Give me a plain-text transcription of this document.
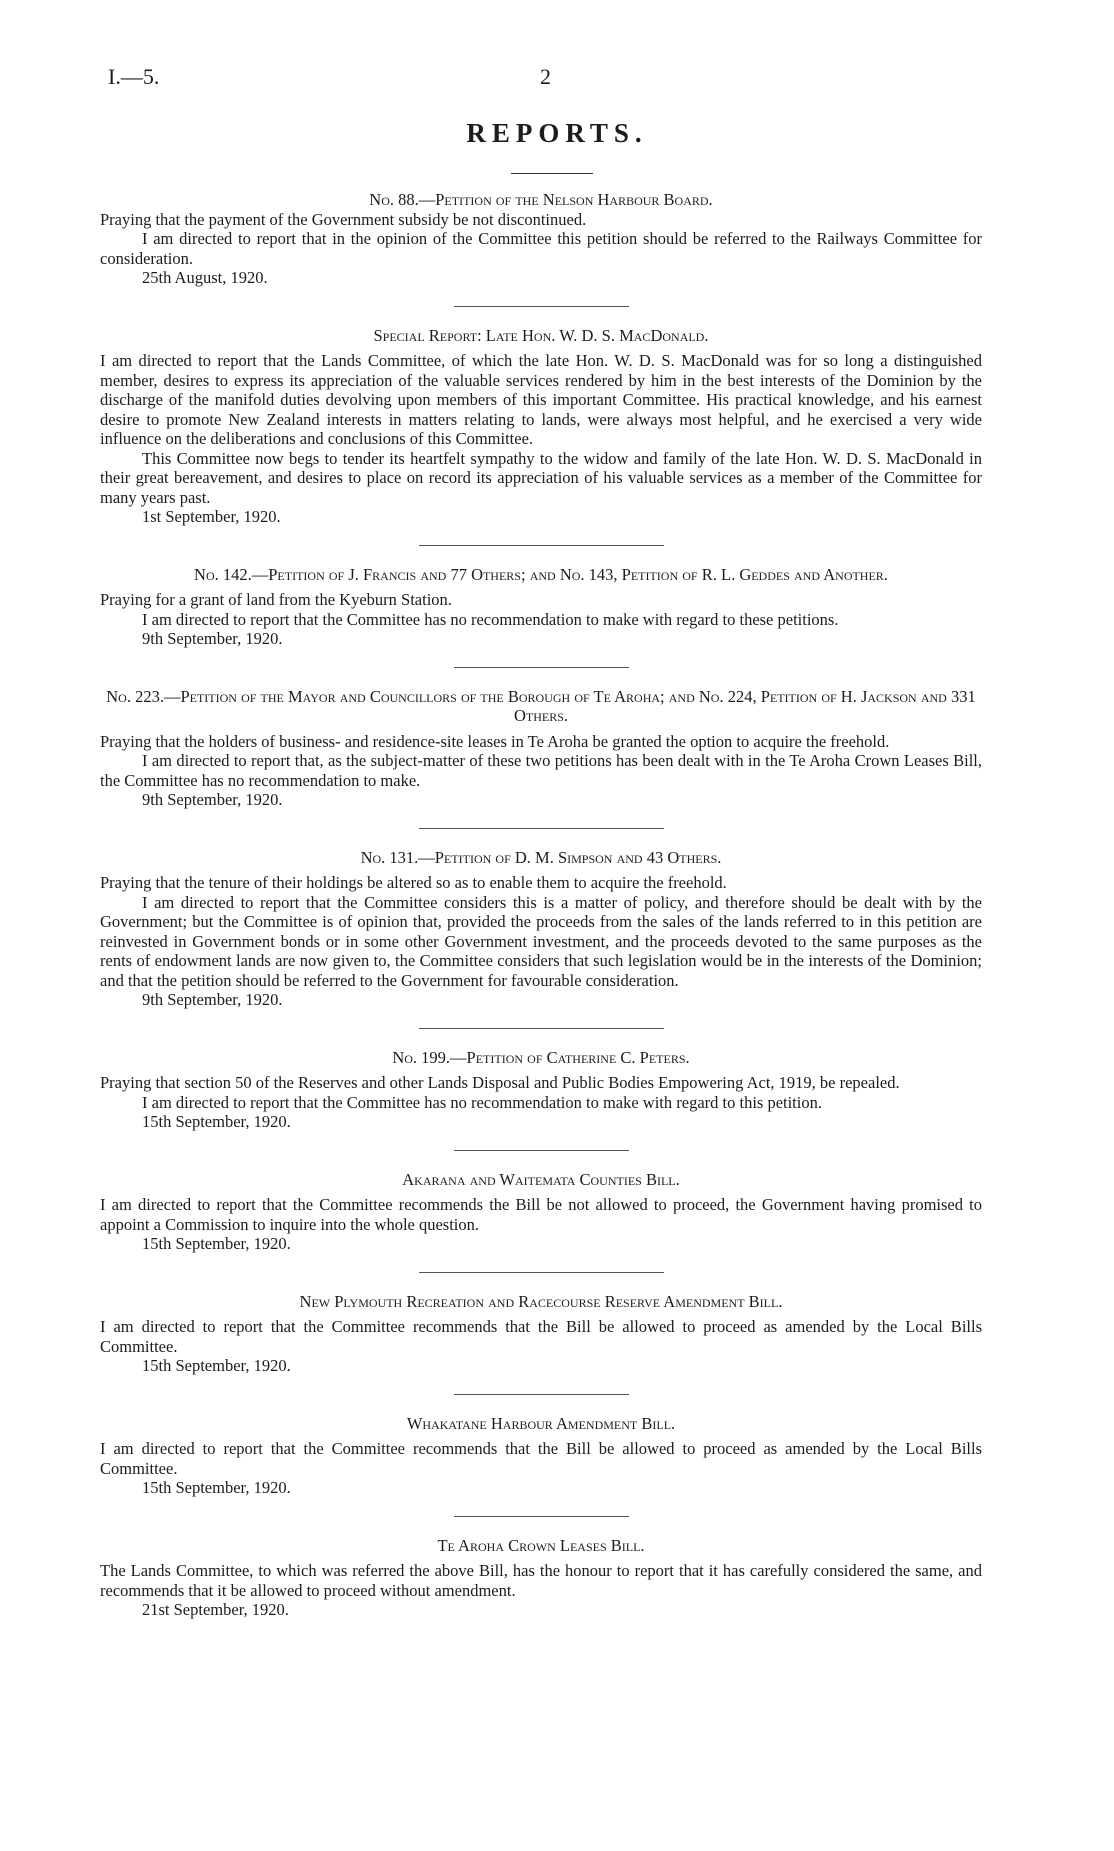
I.—5.	2
REPORTS.

No. 88.—Petition of the Nelson Harbour Board.

Praying that the payment of the Government subsidy be not discontinued.

I am directed to report that in the opinion of the Committee this petition should be referred to the Railways Committee for consideration.

25th August, 1920.

Special Report: Late Hon. W. D. S. MacDonald.

I am directed to report that the Lands Committee, of which the late Hon. W. D. S. MacDonald was for so long a distinguished member, desires to express its appreciation of the valuable services rendered by him in the best interests of the Dominion by the discharge of the manifold duties devolving upon members of this important Committee. His practical knowledge, and his earnest desire to promote New Zealand interests in matters relating to lands, were always most helpful, and he exercised a very wide influence on the deliberations and conclusions of this Committee.

This Committee now begs to tender its heartfelt sympathy to the widow and family of the late Hon. W. D. S. MacDonald in their great bereavement, and desires to place on record its appreciation of his valuable services as a member of the Committee for many years past.

1st September, 1920.

No. 142.—Petition of J. Francis and 77 Others; and No. 143, Petition of R. L. Geddes and Another.

Praying for a grant of land from the Kyeburn Station.

I am directed to report that the Committee has no recommendation to make with regard to these petitions.

9th September, 1920.

No. 223.—Petition of the Mayor and Councillors of the Borough of Te Aroha; and No. 224, Petition of H. Jackson and 331 Others.

Praying that the holders of business- and residence-site leases in Te Aroha be granted the option to acquire the freehold.

I am directed to report that, as the subject-matter of these two petitions has been dealt with in the Te Aroha Crown Leases Bill, the Committee has no recommendation to make.

9th September, 1920.

No. 131.—Petition of D. M. Simpson and 43 Others.

Praying that the tenure of their holdings be altered so as to enable them to acquire the freehold.

I am directed to report that the Committee considers this is a matter of policy, and therefore should be dealt with by the Government; but the Committee is of opinion that, provided the proceeds from the sales of the lands referred to in this petition are reinvested in Government bonds or in some other Government investment, and the proceeds devoted to the same purposes as the rents of endowment lands are now given to, the Committee considers that such legislation would be in the interests of the Dominion; and that the petition should be referred to the Government for favourable consideration.

9th September, 1920.

No. 199.—Petition of Catherine C. Peters.

Praying that section 50 of the Reserves and other Lands Disposal and Public Bodies Empowering Act, 1919, be repealed.

I am directed to report that the Committee has no recommendation to make with regard to this petition.

15th September, 1920.

Akarana and Waitemata Counties Bill.

I am directed to report that the Committee recommends the Bill be not allowed to proceed, the Government having promised to appoint a Commission to inquire into the whole question.

15th September, 1920.

New Plymouth Recreation and Racecourse Reserve Amendment Bill.

I am directed to report that the Committee recommends that the Bill be allowed to proceed as amended by the Local Bills Committee.

15th September, 1920.

Whakatane Harbour Amendment Bill.

I am directed to report that the Committee recommends that the Bill be allowed to proceed as amended by the Local Bills Committee.

15th September, 1920.

Te Aroha Crown Leases Bill.

The Lands Committee, to which was referred the above Bill, has the honour to report that it has carefully considered the same, and recommends that it be allowed to proceed without amendment.

21st September, 1920.
